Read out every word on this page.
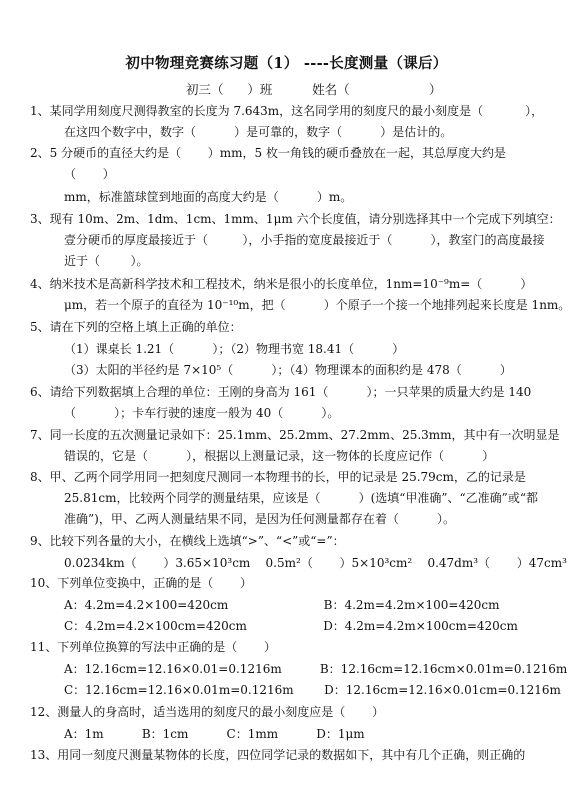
初中物理竞赛练习题（1） ----长度测量（课后）
初三（      ）班          姓名（                    ）
1、某同学用刻度尺测得教室的长度为 7.643m，这名同学用的刻度尺的最小刻度是（           ），
在这四个数字中，数字（          ）是可靠的，数字（          ）是估计的。
2、5 分硬币的直径大约是（       ）mm，5 枚一角钱的硬币叠放在一起，其总厚度大约是
（       ）
mm，标准篮球筐到地面的高度大约是（          ）m。
3、现有 10m、2m、1dm、1cm、1mm、1μm 六个长度值，请分别选择其中一个完成下列填空：
壹分硬币的厚度最接近于（         ），小手指的宽度最接近于（          ），教室门的高度最接
近于（        ）。
4、纳米技术是高新科学技术和工程技术，纳米是很小的长度单位，1nm=10⁻⁹m=（          ）
μm，若一个原子的直径为 10⁻¹⁰m，把（          ）个原子一个接一个地排列起来长度是 1nm。
5、请在下列的空格上填上正确的单位：
（1）课桌长 1.21（          ）；（2）物理书宽 18.41（          ）
（3）太阳的半径约是 7×10⁵（          ）；（4）物理课本的面积约是 478（          ）
6、请给下列数据填上合理的单位：王刚的身高为 161（          ）；一只苹果的质量大约是 140
（          ）；卡车行驶的速度一般为 40（          ）。
7、同一长度的五次测量记录如下：25.1mm、25.2mm、27.2mm、25.3mm，其中有一次明显是
错误的，它是（          ），根据以上测量记录，这一物体的长度应记作（          ）
8、甲、乙两个同学用同一把刻度尺测同一本物理书的长，甲的记录是 25.79cm，乙的记录是
25.81cm，比较两个同学的测量结果，应该是（          ）(选填“甲准确”、“乙准确”或“都
准确”)，甲、乙两人测量结果不同，是因为任何测量都存在着（          ）。
9、比较下列各量的大小，在横线上选填“>”、“<”或“=”：
0.0234km（       ）3.65×10³cm    0.5m²（       ）5×10³cm²    0.47dm³（       ）47cm³
10、下列单位变换中，正确的是（       ）
A：4.2m=4.2×100=420cm                         B：4.2m=4.2m×100=420cm
C：4.2m=4.2×100cm=420cm                    D：4.2m=4.2m×100cm=420cm
11、下列单位换算的写法中正确的是（       ）
A：12.16cm=12.16×0.01=0.1216m          B：12.16cm=12.16cm×0.01m=0.1216m
C：12.16cm=12.16×0.01m=0.1216m        D：12.16cm=12.16×0.01cm=0.1216m
12、测量人的身高时，适当选用的刻度尺的最小刻度应是（       ）
A：1m          B：1cm          C：1mm          D：1μm
13、用同一刻度尺测量某物体的长度，四位同学记录的数据如下，其中有几个正确，则正确的
